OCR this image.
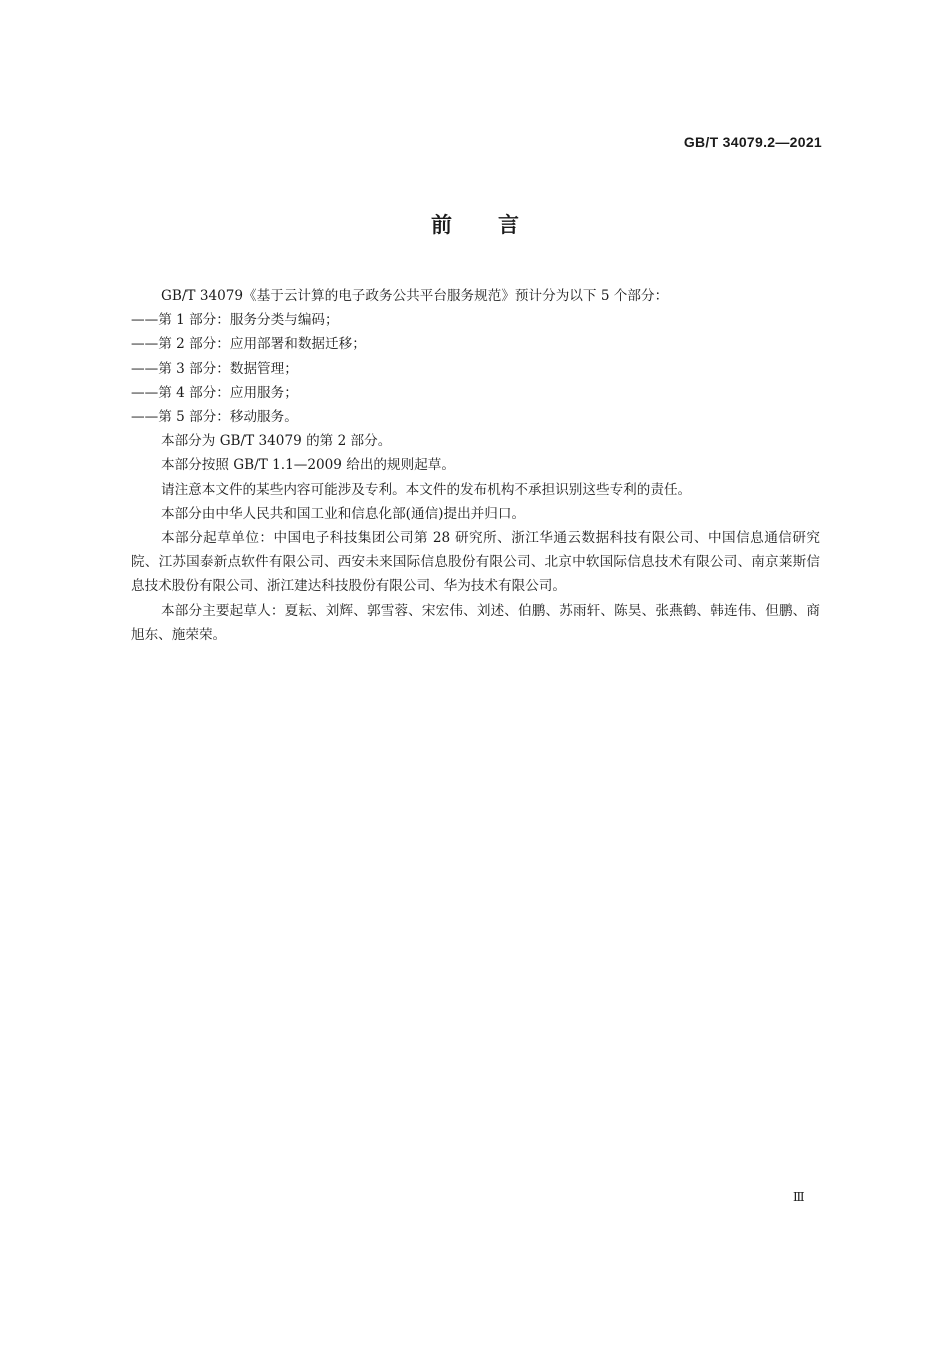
GB/T 34079.2—2021
前言

GB/T 34079《基于云计算的电子政务公共平台服务规范》预计分为以下 5 个部分：

——第 1 部分：服务分类与编码；

——第 2 部分：应用部署和数据迁移；

——第 3 部分：数据管理；

——第 4 部分：应用服务；

——第 5 部分：移动服务。

本部分为 GB/T 34079 的第 2 部分。

本部分按照 GB/T 1.1—2009 给出的规则起草。

请注意本文件的某些内容可能涉及专利。本文件的发布机构不承担识别这些专利的责任。

本部分由中华人民共和国工业和信息化部(通信)提出并归口。

本部分起草单位：中国电子科技集团公司第 28 研究所、浙江华通云数据科技有限公司、中国信息通信研究院、江苏国泰新点软件有限公司、西安未来国际信息股份有限公司、北京中软国际信息技术有限公司、南京莱斯信息技术股份有限公司、浙江建达科技股份有限公司、华为技术有限公司。

本部分主要起草人：夏耘、刘辉、郭雪蓉、宋宏伟、刘述、伯鹏、苏雨轩、陈昊、张燕鹤、韩连伟、但鹏、商旭东、施荣荣。

Ⅲ
